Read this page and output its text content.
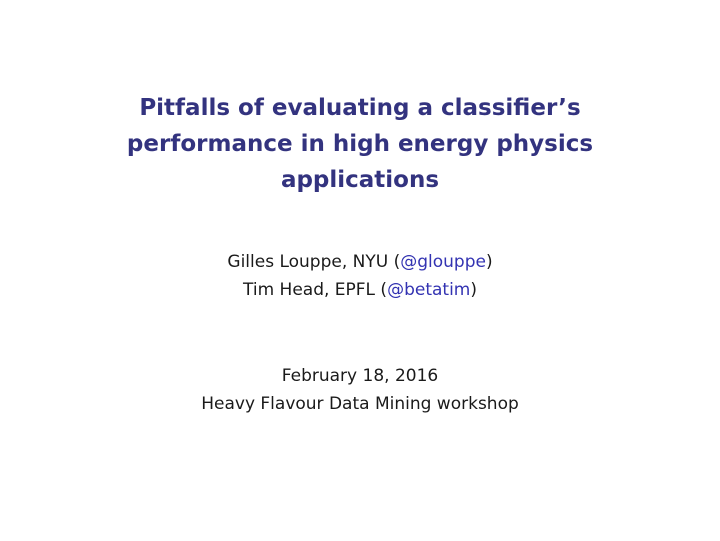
Pitfalls of evaluating a classifier’s
performance in high energy physics
applications
Gilles Louppe, NYU (@glouppe)
Tim Head, EPFL (@betatim)
February 18, 2016
Heavy Flavour Data Mining workshop
